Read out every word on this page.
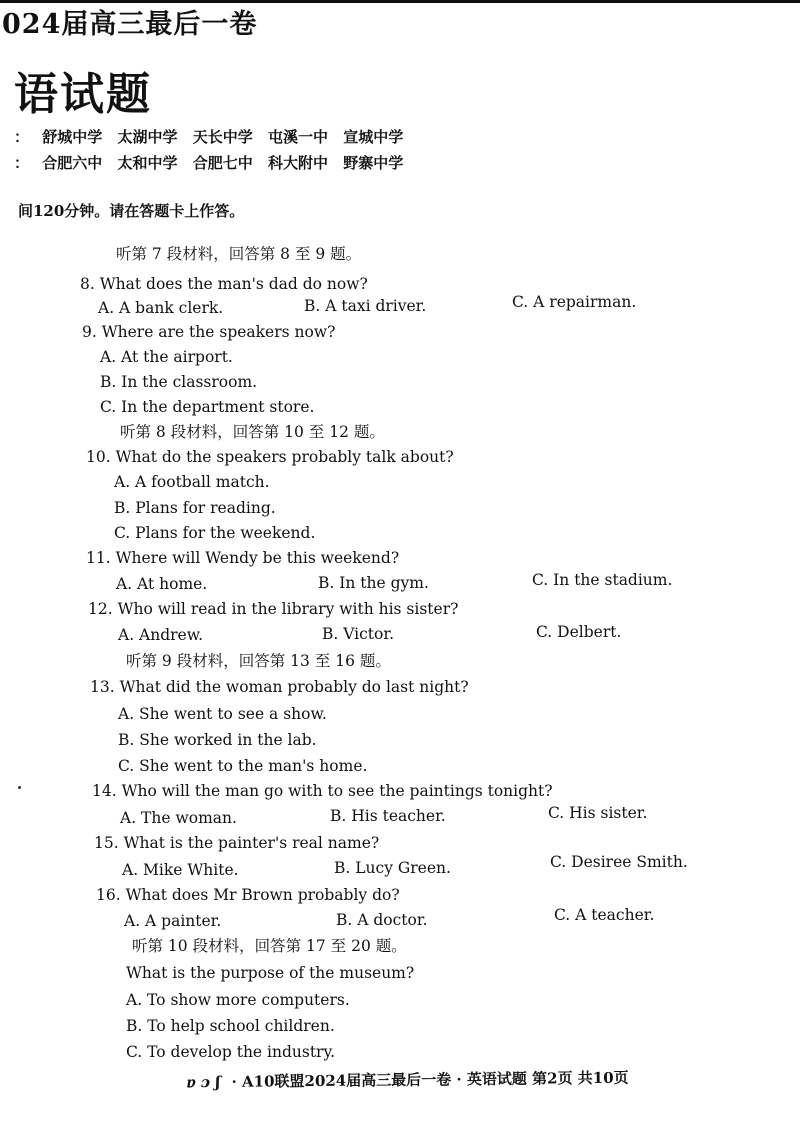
024届高三最后一卷
语试题
： 舒城中学 太湖中学 天长中学 屯溪一中 宣城中学
： 合肥六中 太和中学 合肥七中 科大附中 野寨中学
间120分钟。请在答题卡上作答。
听第 7 段材料，回答第 8 至 9 题。
8. What does the man's dad do now?
A. A bank clerk.	B. A taxi driver.	C. A repairman.
9. Where are the speakers now?
A. At the airport.
B. In the classroom.
C. In the department store.
听第 8 段材料，回答第 10 至 12 题。
10. What do the speakers probably talk about?
A. A football match.
B. Plans for reading.
C. Plans for the weekend.
11. Where will Wendy be this weekend?
A. At home.	B. In the gym.	C. In the stadium.
12. Who will read in the library with his sister?
A. Andrew.	B. Victor.	C. Delbert.
听第 9 段材料，回答第 13 至 16 题。
13. What did the woman probably do last night?
A. She went to see a show.
B. She worked in the lab.
C. She went to the man's home.
14. Who will the man go with to see the paintings tonight?
A. The woman.	B. His teacher.	C. His sister.
15. What is the painter's real name?
A. Mike White.	B. Lucy Green.	C. Desiree Smith.
16. What does Mr Brown probably do?
A. A painter.	B. A doctor.	C. A teacher.
听第 10 段材料，回答第 17 至 20 题。
What is the purpose of the museum?
A. To show more computers.
B. To help school children.
C. To develop the industry.
ɐ ɔ ʃ · A10联盟2024届高三最后一卷 · 英语试题 第2页 共10页
